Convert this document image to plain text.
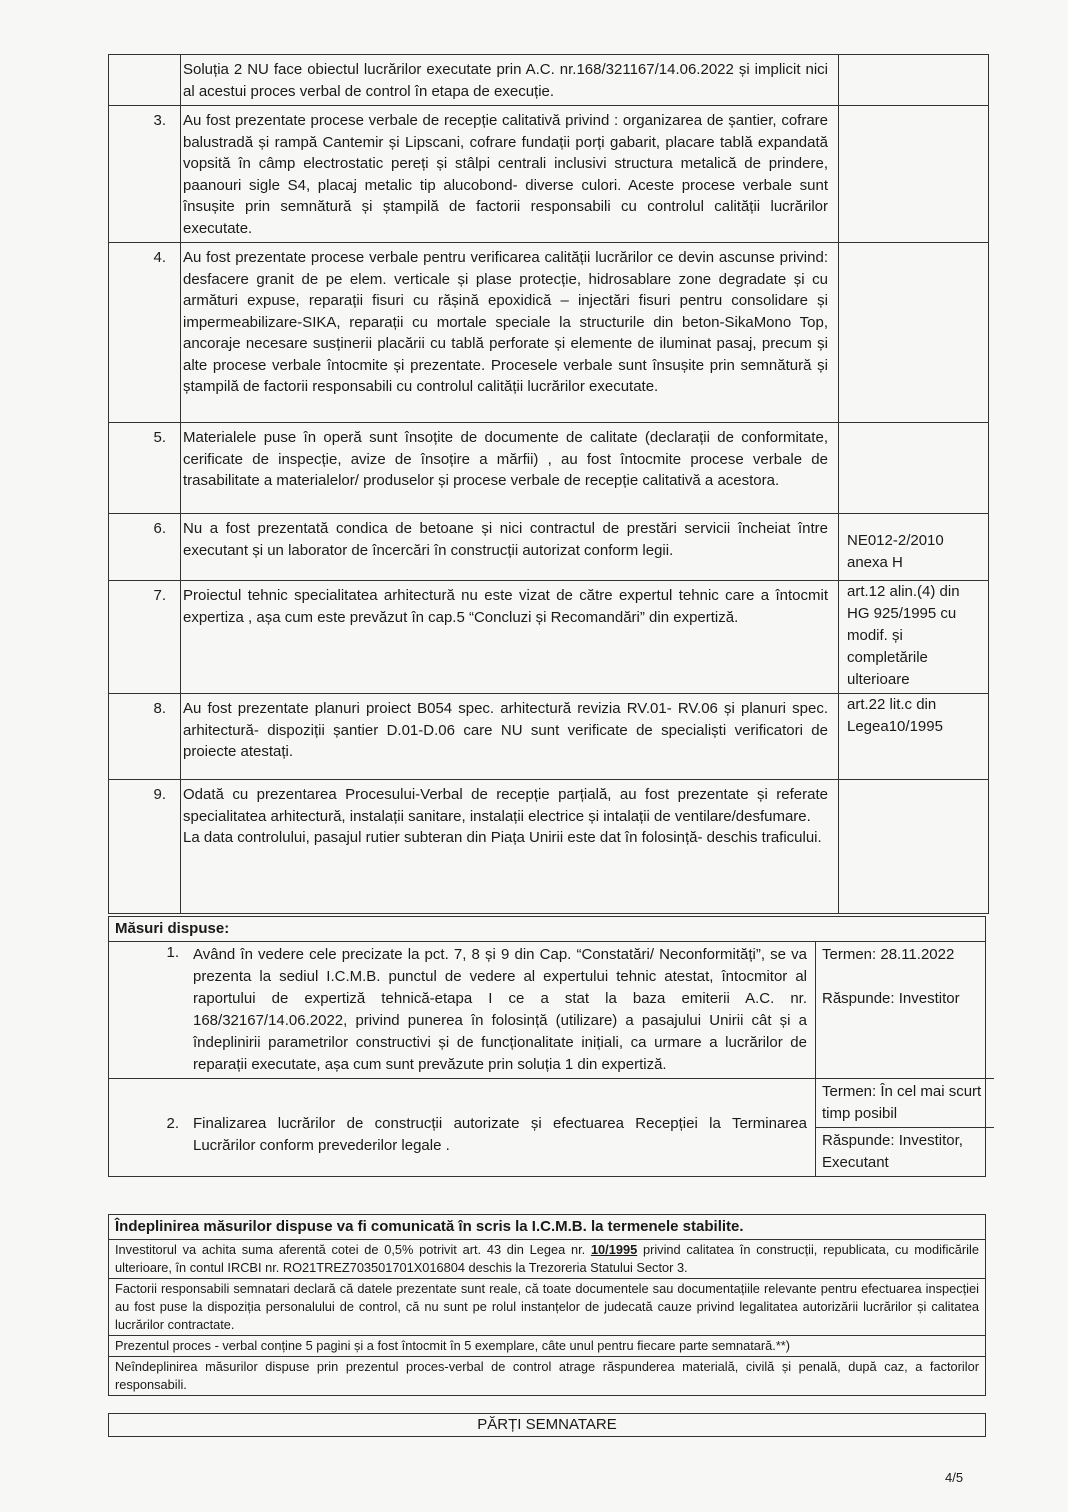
	Soluția 2 NU face obiectul lucrărilor executate prin A.C. nr.168/321167/14.06.2022 și implicit nici al acestui proces verbal de control în etapa de execuție.	

3.	Au fost prezentate procese verbale de recepție calitativă privind : organizarea de șantier, cofrare balustradă și rampă Cantemir și Lipscani, cofrare fundații porți gabarit, placare tablă expandată vopsită în câmp electrostatic pereți și stâlpi centrali inclusivi structura metalică de prindere, paanouri sigle S4, placaj metalic tip alucobond- diverse culori. Aceste procese verbale sunt însușite prin semnătură și ștampilă de factorii responsabili cu controlul calității lucrărilor executate.	

4.	Au fost prezentate procese verbale pentru verificarea calității lucrărilor ce devin ascunse privind: desfacere granit de pe elem. verticale și plase protecție, hidrosablare zone degradate și cu armături expuse, reparații fisuri cu rășină epoxidică – injectări fisuri pentru consolidare și impermeabilizare-SIKA, reparații cu mortale speciale la structurile din beton-SikaMono Top, ancoraje necesare susținerii placării cu tablă perforate și elemente de iluminat pasaj, precum și alte procese verbale întocmite și prezentate. Procesele verbale sunt însușite prin semnătură și ștampilă de factorii responsabili cu controlul calității lucrărilor executate.	

5.	Materialele puse în operă sunt însoțite de documente de calitate (declarații de conformitate, cerificate de inspecție, avize de însoțire a mărfii) , au fost întocmite procese verbale de trasabilitate a materialelor/ produselor și procese verbale de recepție calitativă a acestora.	

6.	Nu a fost prezentată condica de betoane și nici contractul de prestări servicii încheiat între executant și un laborator de încercări în construcții autorizat conform legii.	NE012-2/2010 anexa H
7.	Proiectul tehnic specialitatea arhitectură nu este vizat de către expertul tehnic care a întocmit expertiza , așa cum este prevăzut în cap.5 “Concluzi și Recomandări” din expertiză.	art.12 alin.(4) din HG 925/1995 cu modif. și completările ulterioare
8.	Au fost prezentate planuri proiect B054 spec. arhitectură revizia RV.01- RV.06 și planuri spec. arhitectură- dispoziții șantier D.01-D.06 care NU sunt verificate de specialiști verificatori de proiecte atestați.	art.22 lit.c din Legea10/1995
9.	Odată cu prezentarea Procesului-Verbal de recepție parțială, au fost prezentate și referate specialitatea arhitectură, instalații sanitare, instalații electrice și intalații de ventilare/desfumare.
La data controlului, pasajul rutier subteran din Piața Unirii este dat în folosință- deschis traficului.	

Măsuri dispuse:
1.	Având în vedere cele precizate la pct. 7, 8 și 9 din Cap. “Constatări/ Neconformități”, se va prezenta la sediul I.C.M.B. punctul de vedere al expertului tehnic atestat, întocmitor al raportului de expertiză tehnică-etapa I ce a stat la baza emiterii A.C. nr. 168/32167/14.06.2022, privind punerea în folosință (utilizare) a pasajului Unirii cât și a îndeplinirii parametrilor constructivi și de funcționalitate inițiali, ca urmare a lucrărilor de reparații executate, așa cum sunt prevăzute prin soluția 1 din expertiză.	Termen: 28.11.2022
Răspunde: Investitor

2.	Finalizarea lucrărilor de construcții autorizate și efectuarea Recepției la Terminarea Lucrărilor conform prevederilor legale .	Termen: În cel mai scurt timp posibil
Răspunde: Investitor, Executant
Îndeplinirea măsurilor dispuse va fi comunicată în scris la I.C.M.B. la termenele stabilite.
Investitorul va achita suma aferentă cotei de 0,5% potrivit art. 43 din Legea nr. 10/1995 privind calitatea în construcții, republicata, cu modificările ulterioare, în contul IRCBI nr. RO21TREZ703501701X016804 deschis la Trezoreria Statului Sector 3.
Factorii responsabili semnatari declară că datele prezentate sunt reale, că toate documentele sau documentațiile relevante pentru efectuarea inspecției au fost puse la dispoziția personalului de control, că nu sunt pe rolul instanțelor de judecată cauze privind legalitatea autorizării lucrărilor și calitatea lucrărilor contractate.
Prezentul proces - verbal conține 5 pagini și a fost întocmit în 5 exemplare, câte unul pentru fiecare parte semnatară.**)
Neîndeplinirea măsurilor dispuse prin prezentul proces-verbal de control atrage răspunderea materială, civilă și penală, după caz, a factorilor responsabili.
PĂRȚI SEMNATARE
4/5
